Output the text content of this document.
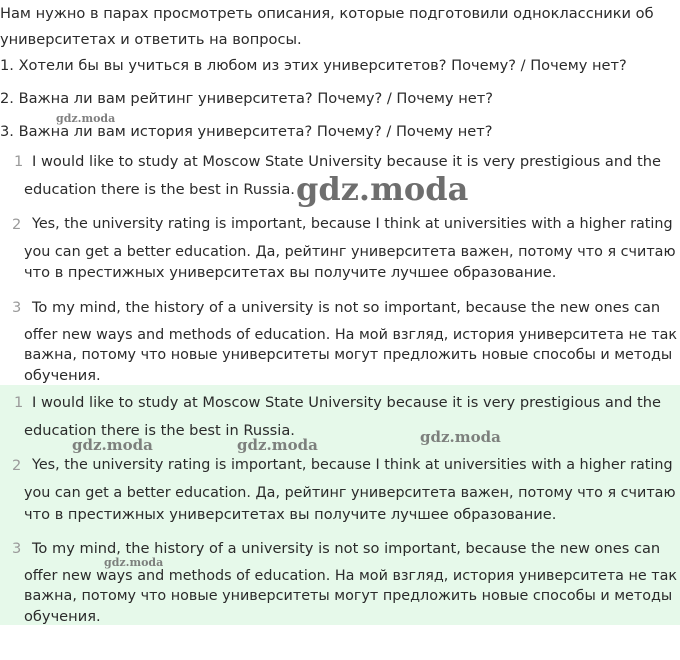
Нам нужно в парах просмотреть описания, которые подготовили одноклассники об
университетах и ответить на вопросы.
1. Хотели бы вы учиться в любом из этих университетов? Почему? / Почему нет?
2. Важна ли вам рейтинг университета? Почему? / Почему нет?
3. Важна ли вам история университета? Почему? / Почему нет?
1 I would like to study at Moscow State University because it is very prestigious and the
education there is the best in Russia.
2 Yes, the university rating is important, because I think at universities with a higher rating
you can get a better education. Да, рейтинг университета важен, потому что я считаю
что в престижных университетах вы получите лучшее образование.
3 To my mind, the history of a university is not so important, because the new ones can
offer new ways and methods of education. На мой взгляд, история университета не так
важна, потому что новые университеты могут предложить новые способы и методы
обучения.
1 I would like to study at Moscow State University because it is very prestigious and the
education there is the best in Russia.
2 Yes, the university rating is important, because I think at universities with a higher rating
you can get a better education. Да, рейтинг университета важен, потому что я считаю
что в престижных университетах вы получите лучшее образование.
3 To my mind, the history of a university is not so important, because the new ones can
offer new ways and methods of education. На мой взгляд, история университета не так
важна, потому что новые университеты могут предложить новые способы и методы
обучения.
gdz.moda
gdz.moda
gdz.moda	gdz.moda	gdz.moda
gdz.moda
